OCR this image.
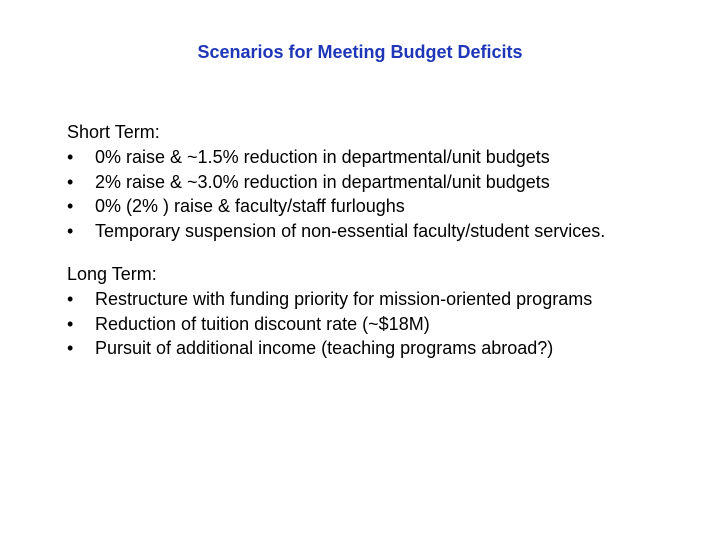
Scenarios for Meeting Budget Deficits

Short Term:

•	0% raise & ~1.5% reduction in departmental/unit budgets
•	2% raise & ~3.0% reduction in departmental/unit budgets
•	0% (2% ) raise & faculty/staff furloughs
•	Temporary suspension of non-essential faculty/student services.

Long Term:

•	Restructure with funding priority for mission-oriented programs
•	Reduction of tuition discount rate (~$18M)
•	Pursuit of additional income (teaching programs abroad?)
